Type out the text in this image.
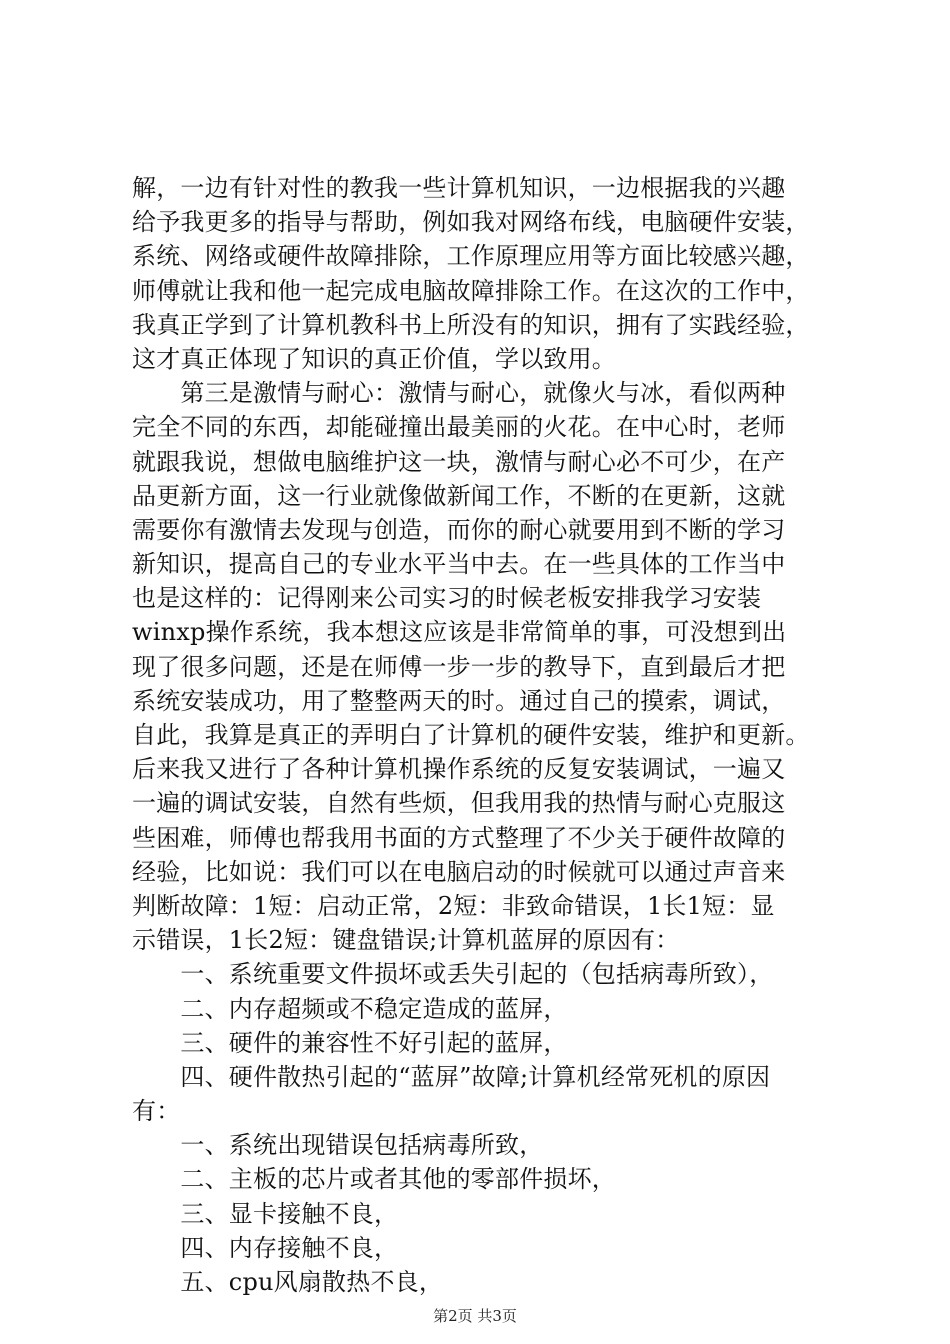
解，一边有针对性的教我一些计算机知识，一边根据我的兴趣
给予我更多的指导与帮助，例如我对网络布线，电脑硬件安装，
系统、网络或硬件故障排除，工作原理应用等方面比较感兴趣，
师傅就让我和他一起完成电脑故障排除工作。在这次的工作中，
我真正学到了计算机教科书上所没有的知识，拥有了实践经验，
这才真正体现了知识的真正价值，学以致用。
　　第三是激情与耐心：激情与耐心，就像火与冰，看似两种
完全不同的东西，却能碰撞出最美丽的火花。在中心时，老师
就跟我说，想做电脑维护这一块，激情与耐心必不可少，在产
品更新方面，这一行业就像做新闻工作，不断的在更新，这就
需要你有激情去发现与创造，而你的耐心就要用到不断的学习
新知识，提高自己的专业水平当中去。在一些具体的工作当中
也是这样的：记得刚来公司实习的时候老板安排我学习安装
winxp操作系统，我本想这应该是非常简单的事，可没想到出
现了很多问题，还是在师傅一步一步的教导下，直到最后才把
系统安装成功，用了整整两天的时。通过自己的摸索，调试，
自此，我算是真正的弄明白了计算机的硬件安装，维护和更新。
后来我又进行了各种计算机操作系统的反复安装调试，一遍又
一遍的调试安装，自然有些烦，但我用我的热情与耐心克服这
些困难，师傅也帮我用书面的方式整理了不少关于硬件故障的
经验，比如说：我们可以在电脑启动的时候就可以通过声音来
判断故障：1短：启动正常，2短：非致命错误，1长1短：显
示错误，1长2短：键盘错误;计算机蓝屏的原因有：
　　一、系统重要文件损坏或丢失引起的（包括病毒所致），
　　二、内存超频或不稳定造成的蓝屏，
　　三、硬件的兼容性不好引起的蓝屏，
　　四、硬件散热引起的“蓝屏”故障;计算机经常死机的原因
有：
　　一、系统出现错误包括病毒所致，
　　二、主板的芯片或者其他的零部件损坏，
　　三、显卡接触不良，
　　四、内存接触不良，
　　五、cpu风扇散热不良，
第2页 共3页
